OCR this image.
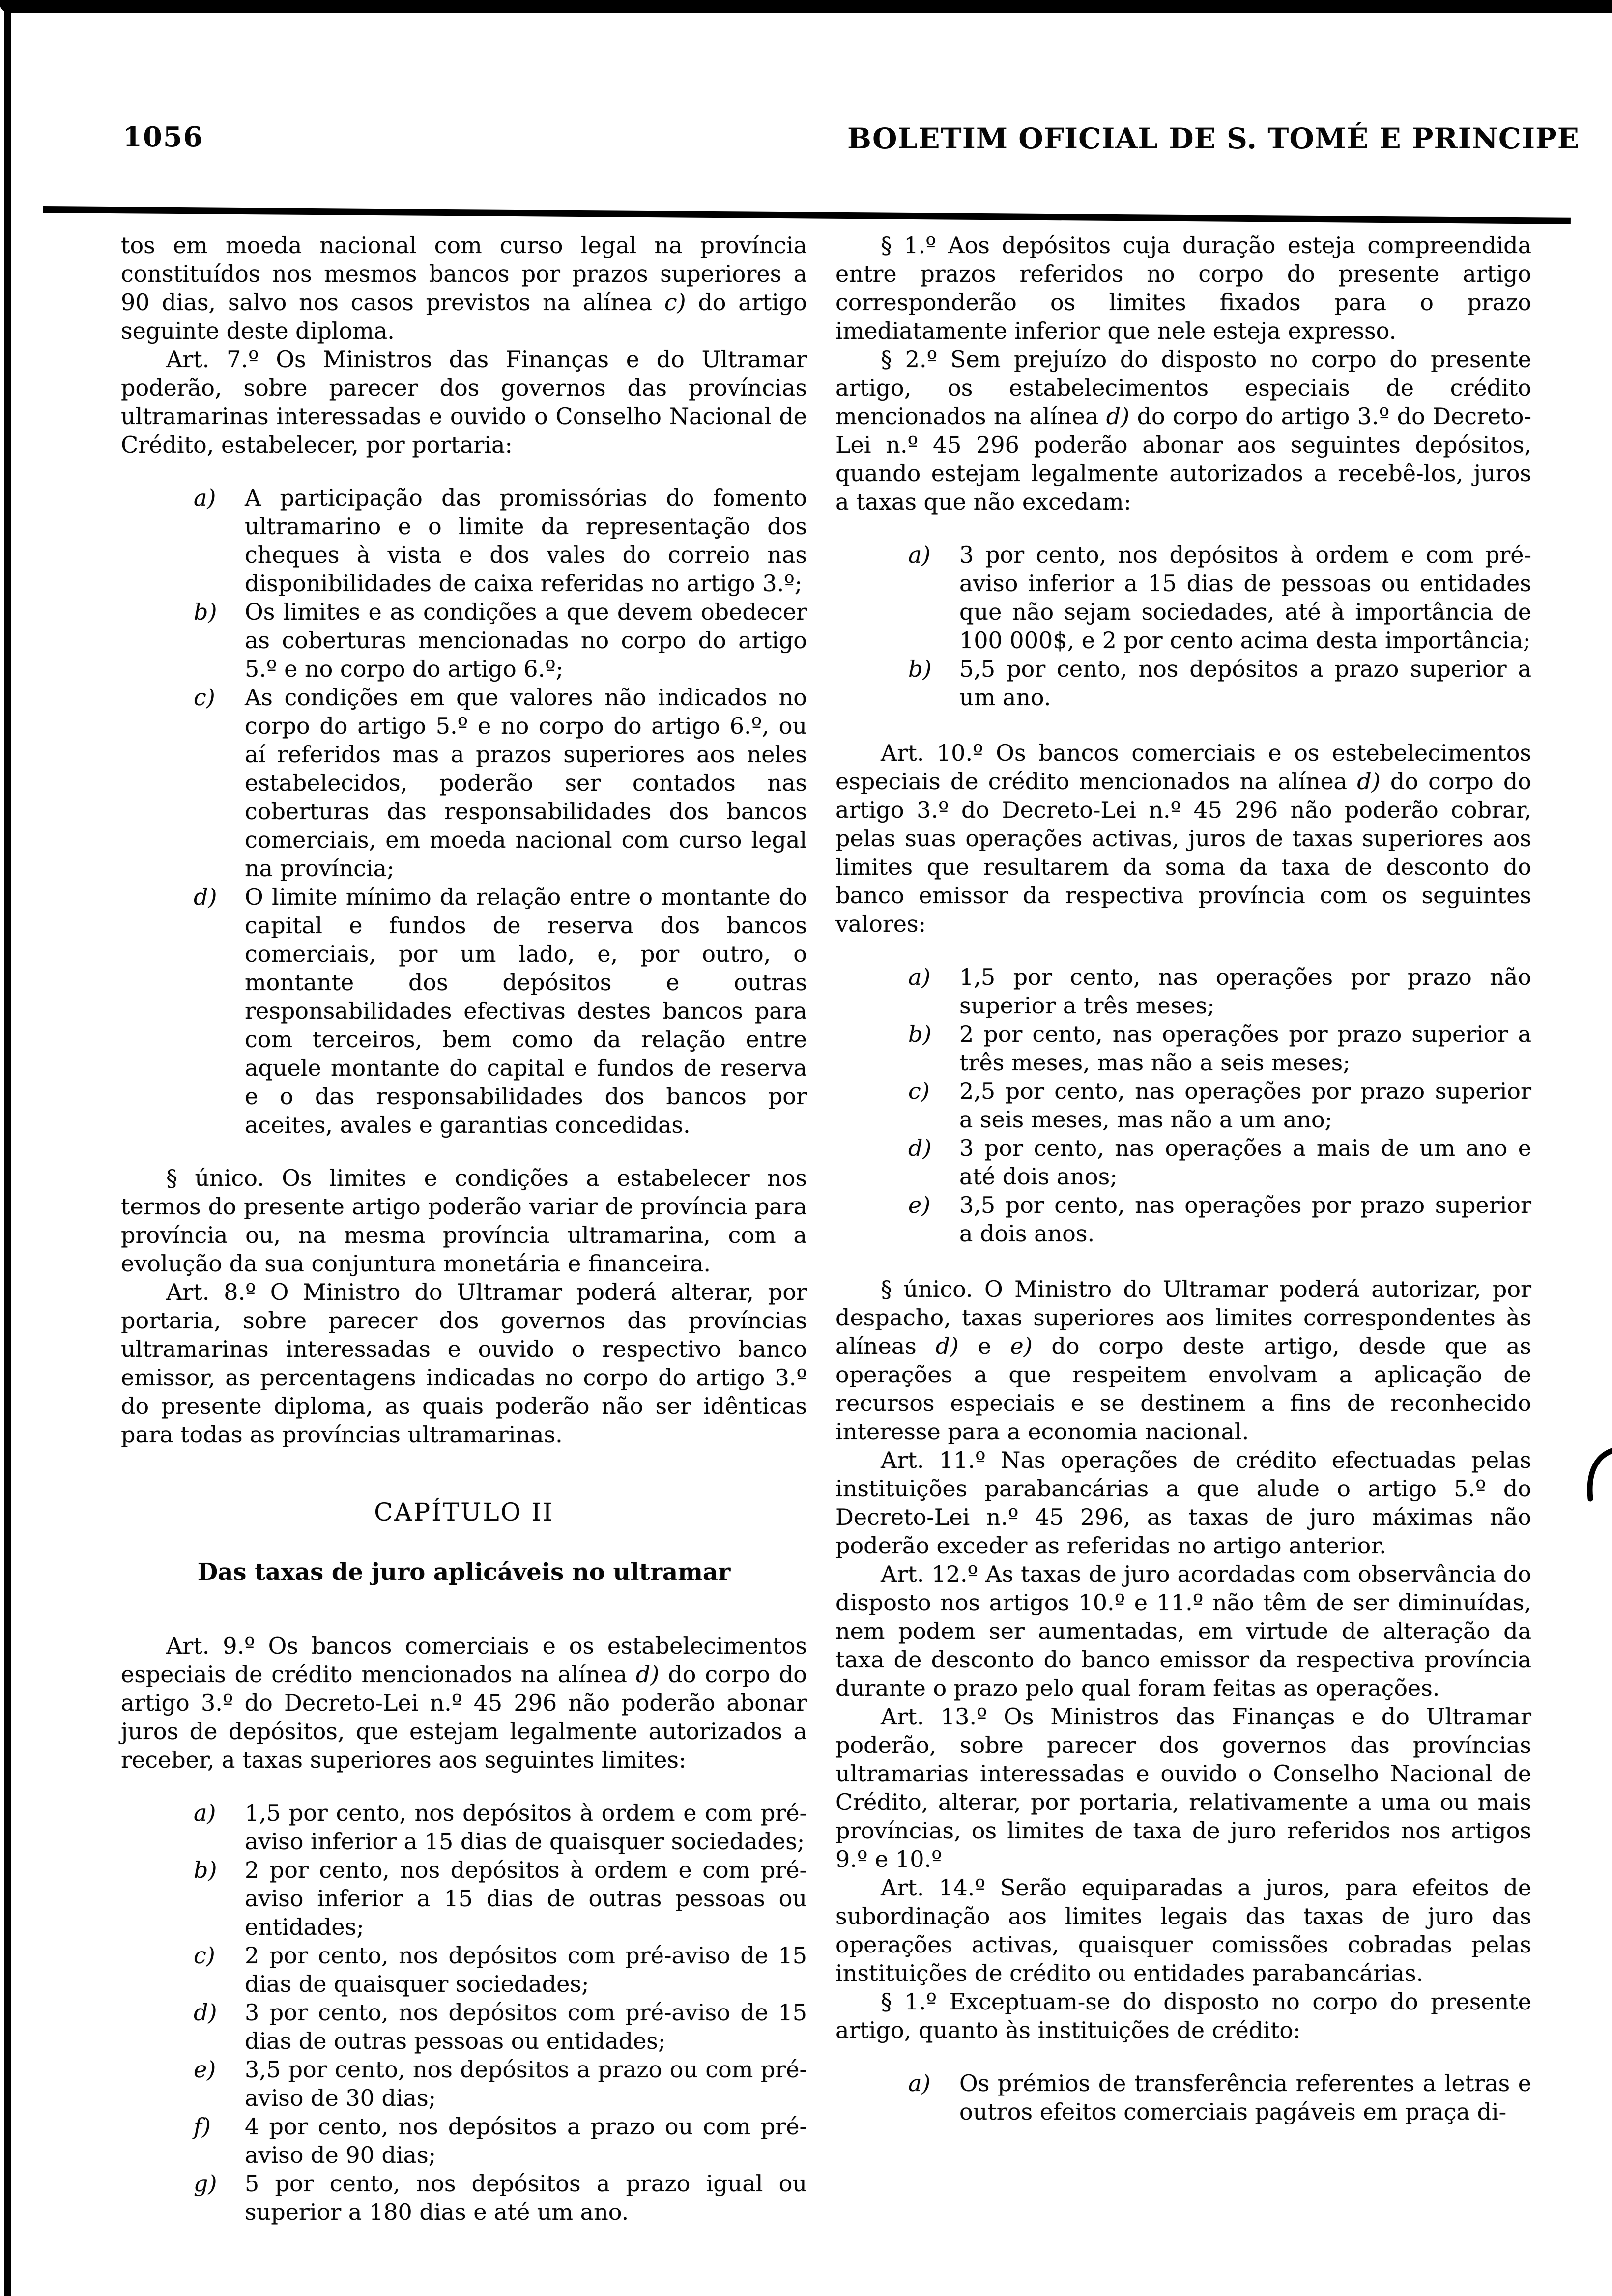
1056	BOLETIM OFICIAL DE S. TOMÉ E PRINCIPE

tos em moeda nacional com curso legal na província constituídos nos mesmos bancos por prazos superiores a 90 dias, salvo nos casos previstos na alínea c) do artigo seguinte deste diploma.

Art. 7.º Os Ministros das Finanças e do Ultramar poderão, sobre parecer dos governos das províncias ultramarinas interessadas e ouvido o Conselho Nacional de Crédito, estabelecer, por portaria:

a) A participação das promissórias do fomento ultramarino e o limite da representação dos cheques à vista e dos vales do correio nas disponibilidades de caixa referidas no artigo 3.º;
b) Os limites e as condições a que devem obedecer as coberturas mencionadas no corpo do artigo 5.º e no corpo do artigo 6.º;
c) As condições em que valores não indicados no corpo do artigo 5.º e no corpo do artigo 6.º, ou aí referidos mas a prazos superiores aos neles estabelecidos, poderão ser contados nas coberturas das responsabilidades dos bancos comerciais, em moeda nacional com curso legal na província;
d) O limite mínimo da relação entre o montante do capital e fundos de reserva dos bancos comerciais, por um lado, e, por outro, o montante dos depósitos e outras responsabilidades efectivas destes bancos para com terceiros, bem como da relação entre aquele montante do capital e fundos de reserva e o das responsabilidades dos bancos por aceites, avales e garantias concedidas.

§ único. Os limites e condições a estabelecer nos termos do presente artigo poderão variar de província para província ou, na mesma província ultramarina, com a evolução da sua conjuntura monetária e financeira.

Art. 8.º O Ministro do Ultramar poderá alterar, por portaria, sobre parecer dos governos das províncias ultramarinas interessadas e ouvido o respectivo banco emissor, as percentagens indicadas no corpo do artigo 3.º do presente diploma, as quais poderão não ser idênticas para todas as províncias ultramarinas.

CAPÍTULO II

Das taxas de juro aplicáveis no ultramar

Art. 9.º Os bancos comerciais e os estabelecimentos especiais de crédito mencionados na alínea d) do corpo do artigo 3.º do Decreto-Lei n.º 45 296 não poderão abonar juros de depósitos, que estejam legalmente autorizados a receber, a taxas superiores aos seguintes limites:

a) 1,5 por cento, nos depósitos à ordem e com pré-aviso inferior a 15 dias de quaisquer sociedades;
b) 2 por cento, nos depósitos à ordem e com pré-aviso inferior a 15 dias de outras pessoas ou entidades;
c) 2 por cento, nos depósitos com pré-aviso de 15 dias de quaisquer sociedades;
d) 3 por cento, nos depósitos com pré-aviso de 15 dias de outras pessoas ou entidades;
e) 3,5 por cento, nos depósitos a prazo ou com pré-aviso de 30 dias;
f) 4 por cento, nos depósitos a prazo ou com pré-aviso de 90 dias;
g) 5 por cento, nos depósitos a prazo igual ou superior a 180 dias e até um ano.

§ 1.º Aos depósitos cuja duração esteja compreendida entre prazos referidos no corpo do presente artigo corresponderão os limites fixados para o prazo imediatamente inferior que nele esteja expresso.

§ 2.º Sem prejuízo do disposto no corpo do presente artigo, os estabelecimentos especiais de crédito mencionados na alínea d) do corpo do artigo 3.º do Decreto-Lei n.º 45 296 poderão abonar aos seguintes depósitos, quando estejam legalmente autorizados a recebê-los, juros a taxas que não excedam:

a) 3 por cento, nos depósitos à ordem e com pré-aviso inferior a 15 dias de pessoas ou entidades que não sejam sociedades, até à importância de 100 000$, e 2 por cento acima desta importância;
b) 5,5 por cento, nos depósitos a prazo superior a um ano.

Art. 10.º Os bancos comerciais e os estebelecimentos especiais de crédito mencionados na alínea d) do corpo do artigo 3.º do Decreto-Lei n.º 45 296 não poderão cobrar, pelas suas operações activas, juros de taxas superiores aos limites que resultarem da soma da taxa de desconto do banco emissor da respectiva província com os seguintes valores:

a) 1,5 por cento, nas operações por prazo não superior a três meses;
b) 2 por cento, nas operações por prazo superior a três meses, mas não a seis meses;
c) 2,5 por cento, nas operações por prazo superior a seis meses, mas não a um ano;
d) 3 por cento, nas operações a mais de um ano e até dois anos;
e) 3,5 por cento, nas operações por prazo superior a dois anos.

§ único. O Ministro do Ultramar poderá autorizar, por despacho, taxas superiores aos limites correspondentes às alíneas d) e e) do corpo deste artigo, desde que as operações a que respeitem envolvam a aplicação de recursos especiais e se destinem a fins de reconhecido interesse para a economia nacional.

Art. 11.º Nas operações de crédito efectuadas pelas instituições parabancárias a que alude o artigo 5.º do Decreto-Lei n.º 45 296, as taxas de juro máximas não poderão exceder as referidas no artigo anterior.

Art. 12.º As taxas de juro acordadas com observância do disposto nos artigos 10.º e 11.º não têm de ser diminuídas, nem podem ser aumentadas, em virtude de alteração da taxa de desconto do banco emissor da respectiva província durante o prazo pelo qual foram feitas as operações.

Art. 13.º Os Ministros das Finanças e do Ultramar poderão, sobre parecer dos governos das províncias ultramarias interessadas e ouvido o Conselho Nacional de Crédito, alterar, por portaria, relativamente a uma ou mais províncias, os limites de taxa de juro referidos nos artigos 9.º e 10.º

Art. 14.º Serão equiparadas a juros, para efeitos de subordinação aos limites legais das taxas de juro das operações activas, quaisquer comissões cobradas pelas instituições de crédito ou entidades parabancárias.

§ 1.º Exceptuam-se do disposto no corpo do presente artigo, quanto às instituições de crédito:

a) Os prémios de transferência referentes a letras e outros efeitos comerciais pagáveis em praça di-
